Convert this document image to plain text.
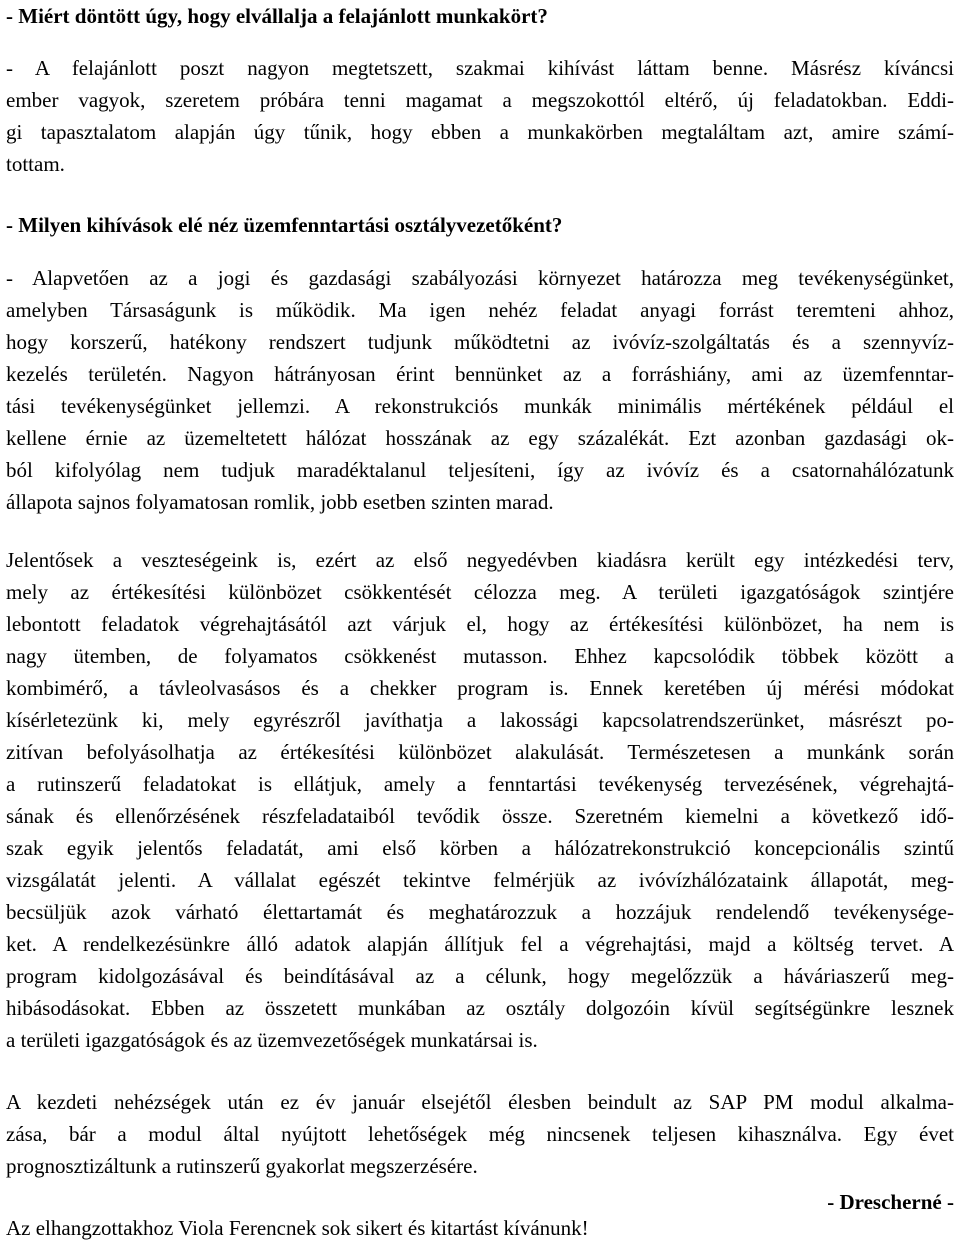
- Miért döntött úgy, hogy elvállalja a felajánlott munkakört?
- A felajánlott poszt nagyon megtetszett, szakmai kihívást láttam benne. Másrész kíváncsi
ember vagyok, szeretem próbára tenni magamat a megszokottól eltérő, új feladatokban. Eddi-
gi tapasztalatom alapján úgy tűnik, hogy ebben a munkakörben megtaláltam azt, amire számí-
tottam.
- Milyen kihívások elé néz üzemfenntartási osztályvezetőként?
- Alapvetően az a jogi és gazdasági szabályozási környezet határozza meg tevékenységünket,
amelyben Társaságunk is működik. Ma igen nehéz feladat anyagi forrást teremteni ahhoz,
hogy korszerű, hatékony rendszert tudjunk működtetni az ivóvíz-szolgáltatás és a szennyvíz-
kezelés területén. Nagyon hátrányosan érint bennünket az a forráshiány, ami az üzemfenntar-
tási tevékenységünket jellemzi. A rekonstrukciós munkák minimális mértékének például el
kellene érnie az üzemeltetett hálózat hosszának az egy százalékát. Ezt azonban gazdasági ok-
ból kifolyólag nem tudjuk maradéktalanul teljesíteni, így az ivóvíz és a csatornahálózatunk
állapota sajnos folyamatosan romlik, jobb esetben szinten marad.
Jelentősek a veszteségeink is, ezért az első negyedévben kiadásra került egy intézkedési terv,
mely az értékesítési különbözet csökkentését célozza meg. A területi igazgatóságok szintjére
lebontott feladatok végrehajtásától azt várjuk el, hogy az értékesítési különbözet, ha nem is
nagy ütemben, de folyamatos csökkenést mutasson. Ehhez kapcsolódik többek között a
kombimérő, a távleolvasásos és a chekker program is. Ennek keretében új mérési módokat
kísérletezünk ki, mely egyrészről javíthatja a lakossági kapcsolatrendszerünket, másrészt po-
zitívan befolyásolhatja az értékesítési különbözet alakulását. Természetesen a munkánk során
a rutinszerű feladatokat is ellátjuk, amely a fenntartási tevékenység tervezésének, végrehajtá-
sának és ellenőrzésének részfeladataiból tevődik össze. Szeretném kiemelni a következő idő-
szak egyik jelentős feladatát, ami első körben a hálózatrekonstrukció koncepcionális szintű
vizsgálatát jelenti. A vállalat egészét tekintve felmérjük az ivóvízhálózataink állapotát, meg-
becsüljük azok várható élettartamát és meghatározzuk a hozzájuk rendelendő tevékenysége-
ket. A rendelkezésünkre álló adatok alapján állítjuk fel a végrehajtási, majd a költség tervet. A
program kidolgozásával és beindításával az a célunk, hogy megelőzzük a háváriaszerű meg-
hibásodásokat. Ebben az összetett munkában az osztály dolgozóin kívül segítségünkre lesznek
a területi igazgatóságok és az üzemvezetőségek munkatársai is.
A kezdeti nehézségek után ez év január elsejétől élesben beindult az SAP PM modul alkalma-
zása, bár a modul által nyújtott lehetőségek még nincsenek teljesen kihasználva. Egy évet
prognosztizáltunk a rutinszerű gyakorlat megszerzésére.
Az elhangzottakhoz Viola Ferencnek sok sikert és kitartást kívánunk!
- Drescherné -
